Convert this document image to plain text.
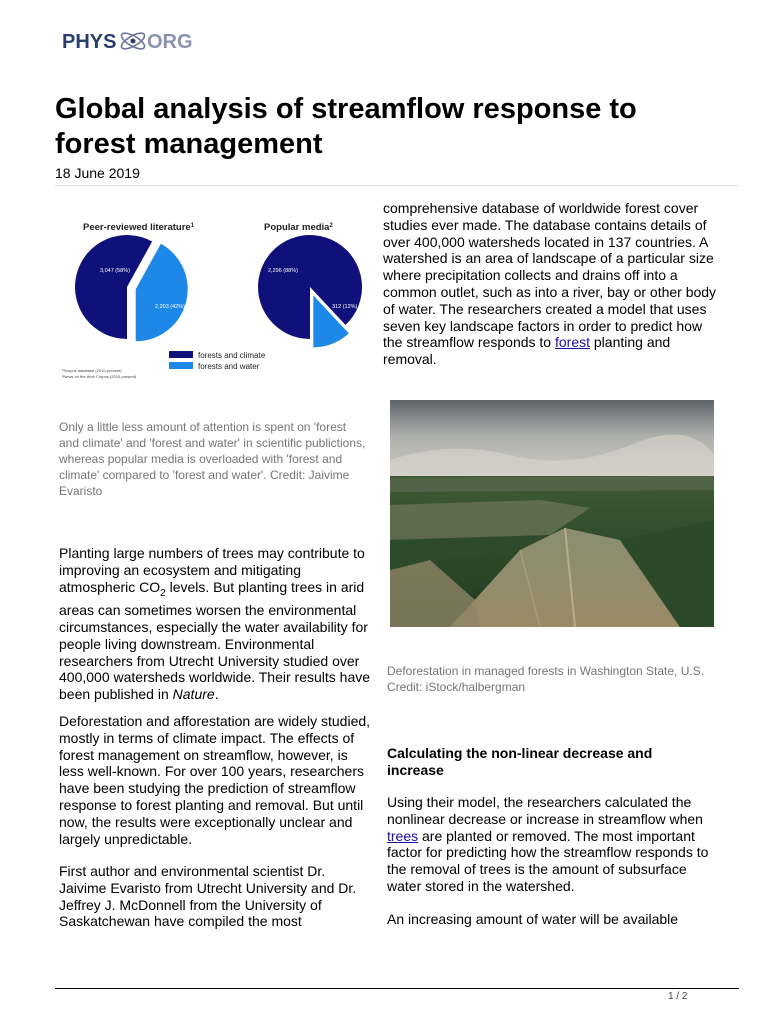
PHYS ORG
Global analysis of streamflow response to forest management
18 June 2019
Peer-reviewed literature$^1$	Popular media$^2$
3,047 (58%)
2,203 (42%)
2,296 (88%)
312 (12%)
forests and climate
forests and water
¹Scopus database (2010-present)
²News on the Web Corpus (2010-present)
Only a little less amount of attention is spent on 'forest and climate' and 'forest and water' in scientific publictions, whereas popular media is overloaded with 'forest and climate' compared to 'forest and water'. Credit: Jaivime Evaristo

Planting large numbers of trees may contribute to improving an ecosystem and mitigating atmospheric $CO_2$ levels. But planting trees in arid areas can sometimes worsen the environmental circumstances, especially the water availability for people living downstream. Environmental researchers from Utrecht University studied over 400,000 watersheds worldwide. Their results have been published in Nature.

Deforestation and afforestation are widely studied, mostly in terms of climate impact. The effects of forest management on streamflow, however, is less well-known. For over 100 years, researchers have been studying the prediction of streamflow response to forest planting and removal. But until now, the results were exceptionally unclear and largely unpredictable.

First author and environmental scientist Dr. Jaivime Evaristo from Utrecht University and Dr. Jeffrey J. McDonnell from the University of Saskatchewan have compiled the most

comprehensive database of worldwide forest cover studies ever made. The database contains details of over 400,000 watersheds located in 137 countries. A watershed is an area of landscape of a particular size where precipitation collects and drains off into a common outlet, such as into a river, bay or other body of water. The researchers created a model that uses seven key landscape factors in order to predict how the streamflow responds to forest planting and removal.

Deforestation in managed forests in Washington State, U.S. Credit: iStock/halbergman
Calculating the non-linear decrease and increase

Using their model, the researchers calculated the nonlinear decrease or increase in streamflow when trees are planted or removed. The most important factor for predicting how the streamflow responds to the removal of trees is the amount of subsurface water stored in the watershed.

An increasing amount of water will be available

1 / 2
